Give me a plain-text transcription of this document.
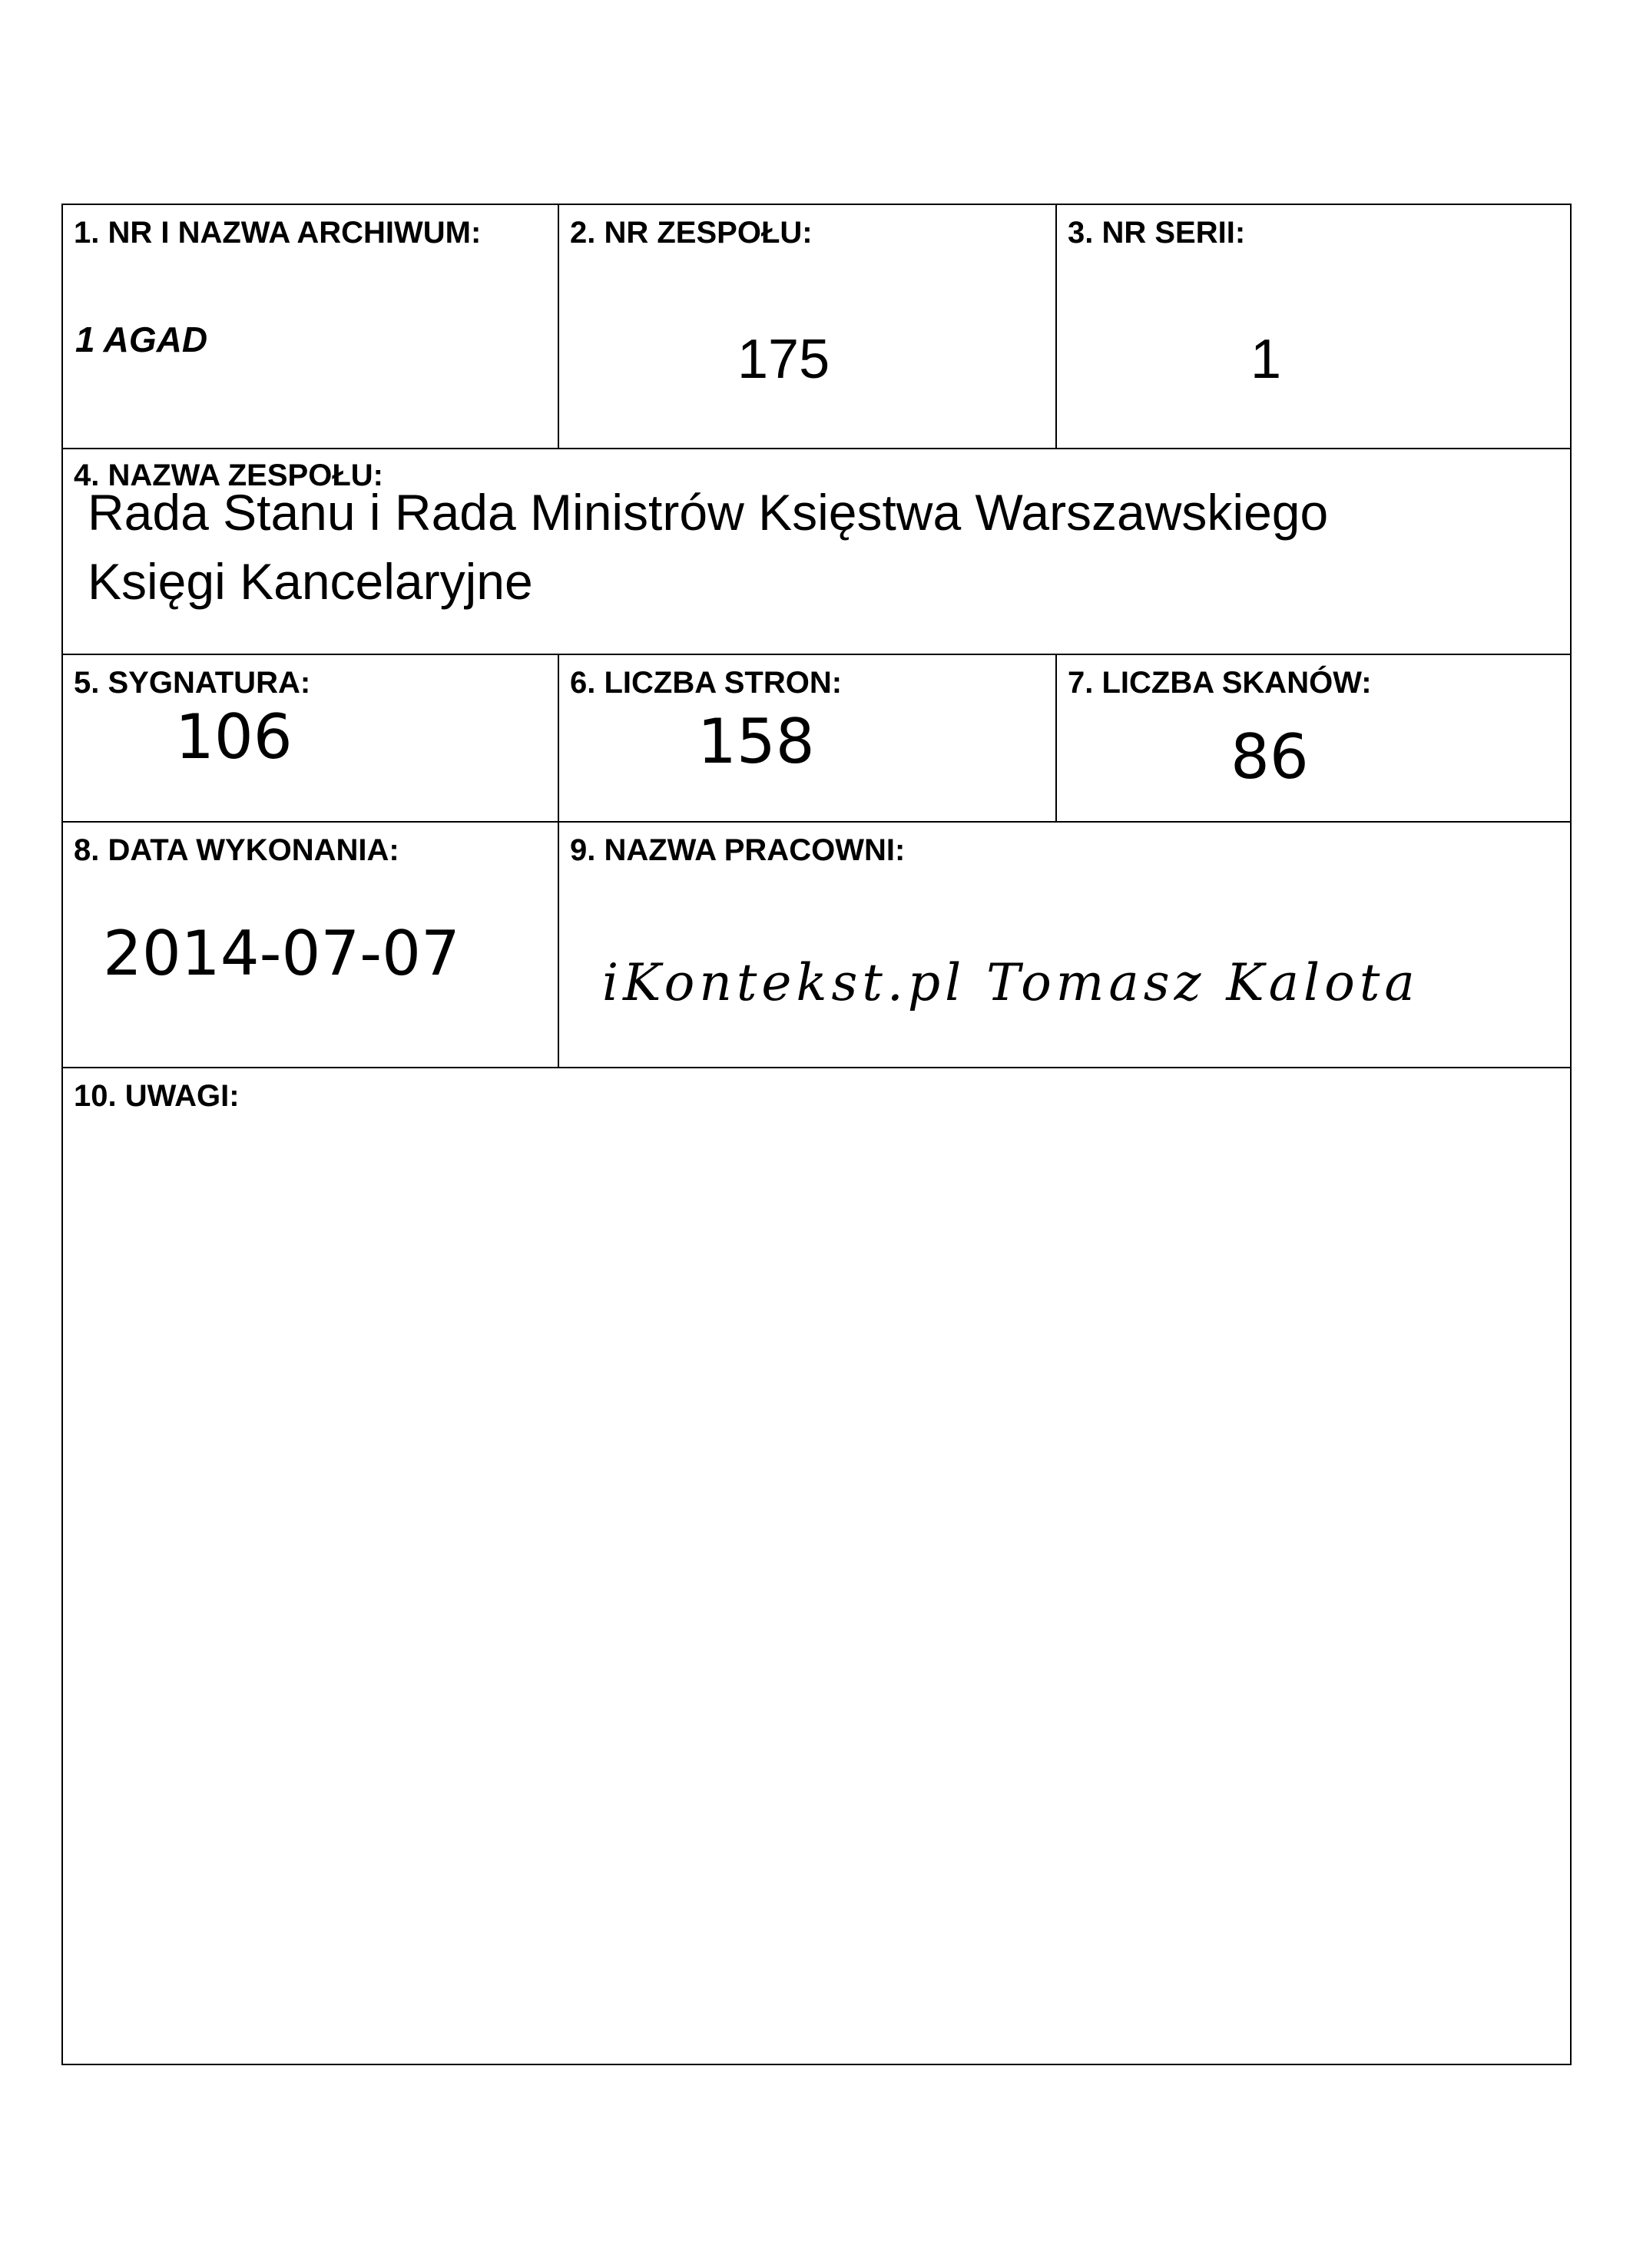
1. NR I NAZWA ARCHIWUM:
1 AGAD
2. NR ZESPOŁU:
175
3. NR SERII:
1
4. NAZWA ZESPOŁU:
Rada Stanu i Rada Ministrów Księstwa Warszawskiego
Księgi Kancelaryjne
5. SYGNATURA:
106
6. LICZBA STRON:
158
7. LICZBA SKANÓW:
86
8. DATA WYKONANIA:
2014-07-07
9. NAZWA PRACOWNI:
iKontekst.pl Tomasz Kalota
10. UWAGI:
